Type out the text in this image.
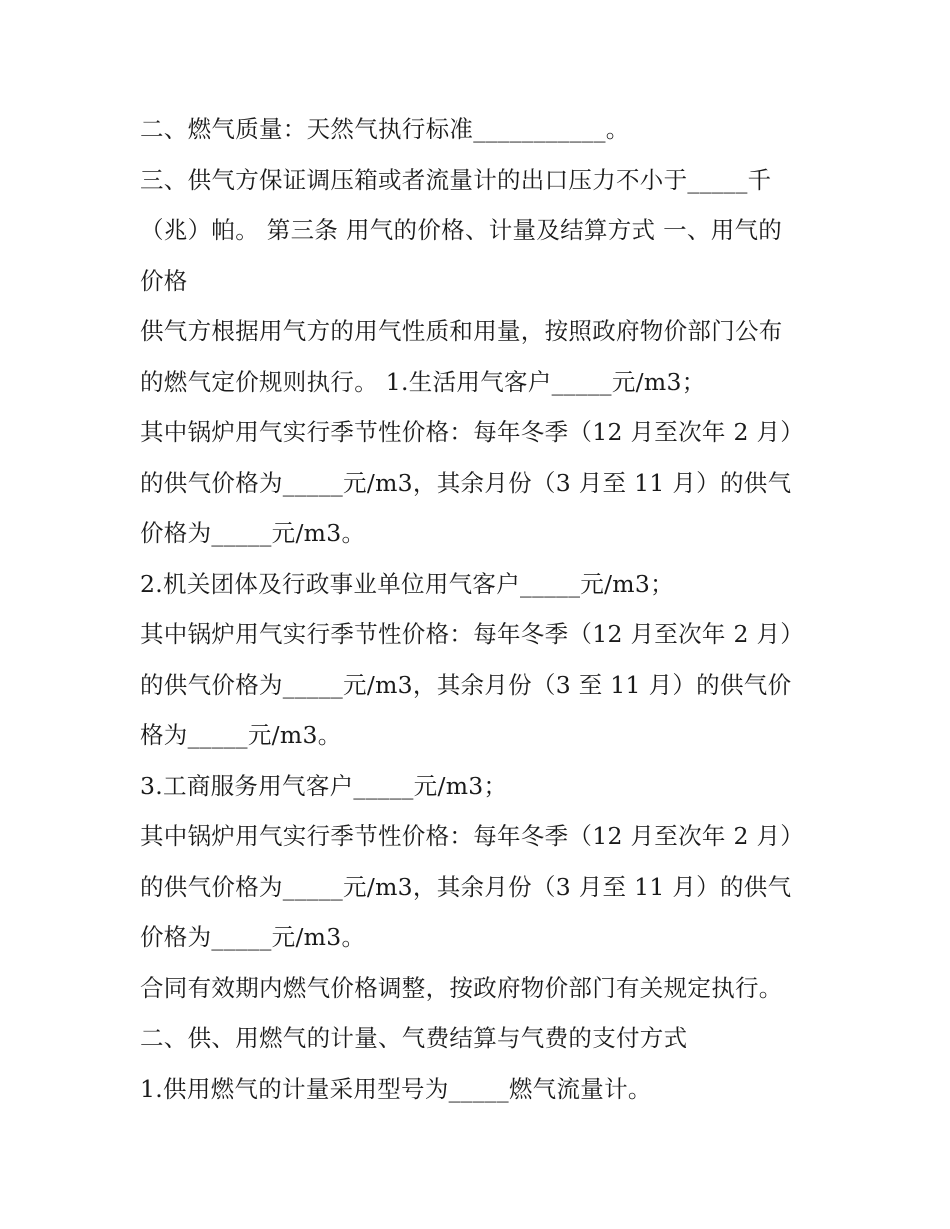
二、燃气质量：天然气执行标准___________。
三、供气方保证调压箱或者流量计的出口压力不小于_____千
（兆）帕。 第三条 用气的价格、计量及结算方式 一、用气的
价格
供气方根据用气方的用气性质和用量，按照政府物价部门公布
的燃气定价规则执行。 1.生活用气客户_____元/m3；
其中锅炉用气实行季节性价格：每年冬季（12 月至次年 2 月）
的供气价格为_____元/m3，其余月份（3 月至 11 月）的供气
价格为_____元/m3。
2.机关团体及行政事业单位用气客户_____元/m3；
其中锅炉用气实行季节性价格：每年冬季（12 月至次年 2 月）
的供气价格为_____元/m3，其余月份（3 至 11 月）的供气价
格为_____元/m3。
3.工商服务用气客户_____元/m3；
其中锅炉用气实行季节性价格：每年冬季（12 月至次年 2 月）
的供气价格为_____元/m3，其余月份（3 月至 11 月）的供气
价格为_____元/m3。
合同有效期内燃气价格调整，按政府物价部门有关规定执行。
二、供、用燃气的计量、气费结算与气费的支付方式
1.供用燃气的计量采用型号为_____燃气流量计。
